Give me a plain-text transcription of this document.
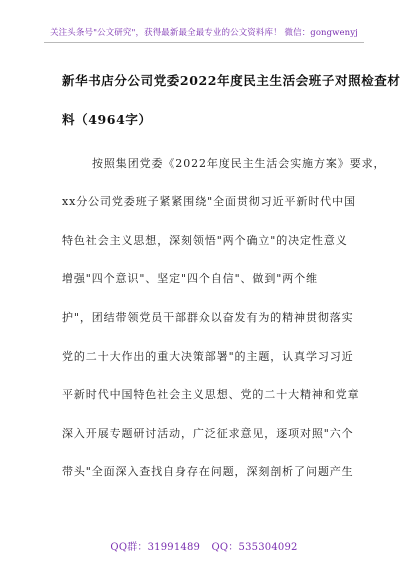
关注头条号"公文研究"，获得最新最全最专业的公文资料库！ 微信：gongwenyj
新华书店分公司党委2022年度民主生活会班子对照检查材
料（4964字）
按照集团党委《2022年度民主生活会实施方案》要求，
xx分公司党委班子紧紧围绕"全面贯彻习近平新时代中国
特色社会主义思想，深刻领悟"两个确立"的决定性意义
增强"四个意识"、坚定"四个自信"、做到"两个维
护"，团结带领党员干部群众以奋发有为的精神贯彻落实
党的二十大作出的重大决策部署"的主题，认真学习习近
平新时代中国特色社会主义思想、党的二十大精神和党章
深入开展专题研讨活动，广泛征求意见，逐项对照"六个
带头"全面深入查找自身存在问题，深刻剖析了问题产生
QQ群：31991489 QQ：535304092
